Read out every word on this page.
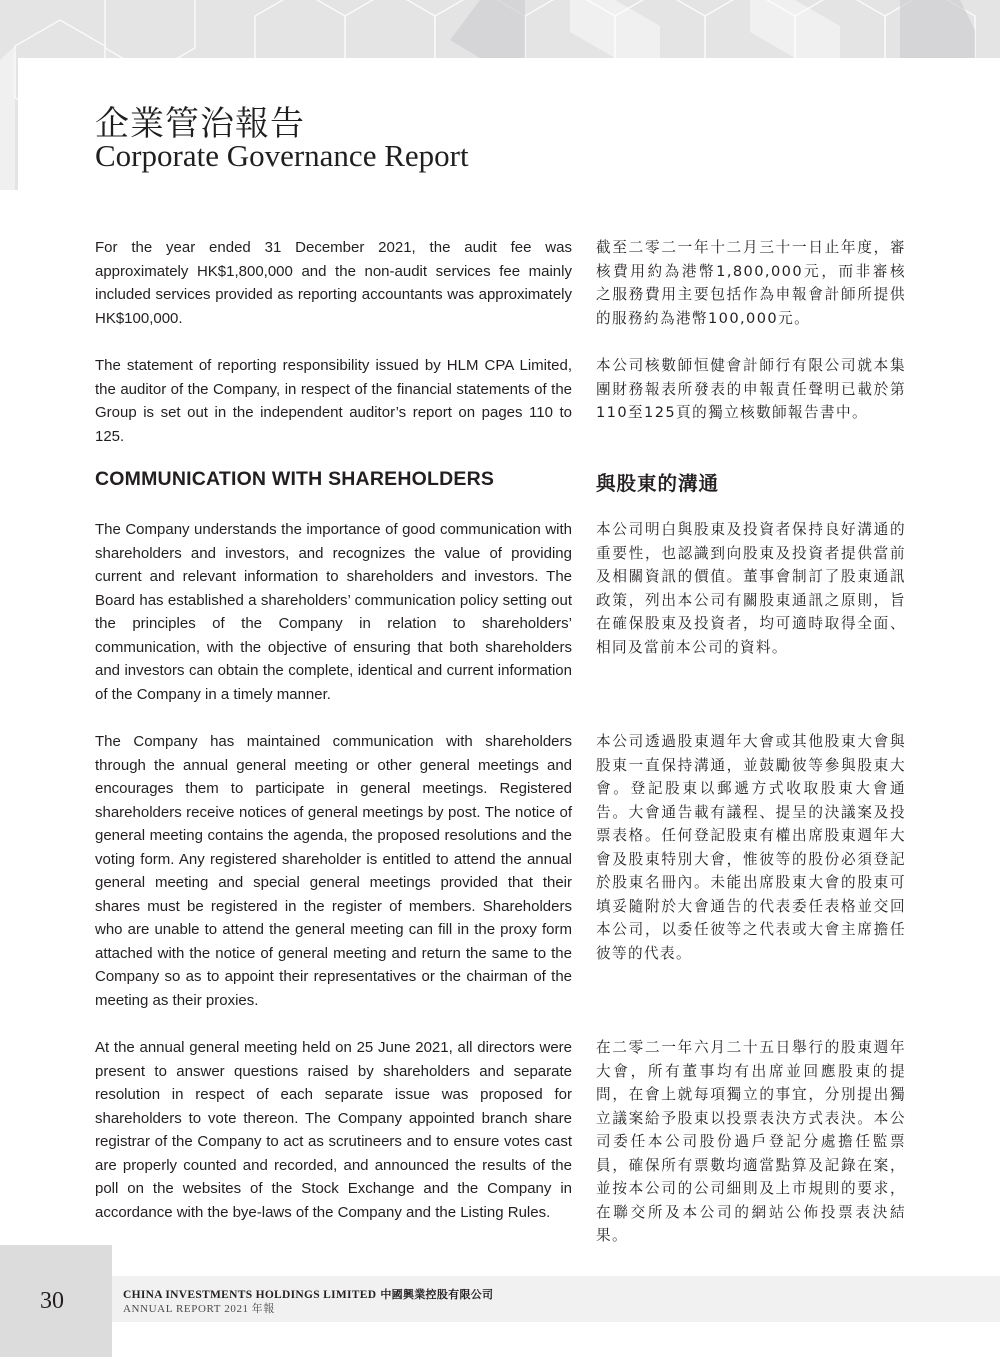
企業管治報告
Corporate Governance Report

For the year ended 31 December 2021, the audit fee was approximately HK$1,800,000 and the non-audit services fee mainly included services provided as reporting accountants was approximately HK$100,000.

截至二零二一年十二月三十一日止年度，審核費用約為港幣1,800,000元，而非審核之服務費用主要包括作為申報會計師所提供的服務約為港幣100,000元。

The statement of reporting responsibility issued by HLM CPA Limited, the auditor of the Company, in respect of the financial statements of the Group is set out in the independent auditor’s report on pages 110 to 125.

本公司核數師恒健會計師行有限公司就本集團財務報表所發表的申報責任聲明已載於第110至125頁的獨立核數師報告書中。

COMMUNICATION WITH SHAREHOLDERS	與股東的溝通

The Company understands the importance of good communication with shareholders and investors, and recognizes the value of providing current and relevant information to shareholders and investors. The Board has established a shareholders’ communication policy setting out the principles of the Company in relation to shareholders’ communication, with the objective of ensuring that both shareholders and investors can obtain the complete, identical and current information of the Company in a timely manner.

本公司明白與股東及投資者保持良好溝通的重要性，也認識到向股東及投資者提供當前及相關資訊的價值。董事會制訂了股東通訊政策，列出本公司有關股東通訊之原則，旨在確保股東及投資者，均可適時取得全面、相同及當前本公司的資料。

The Company has maintained communication with shareholders through the annual general meeting or other general meetings and encourages them to participate in general meetings. Registered shareholders receive notices of general meetings by post. The notice of general meeting contains the agenda, the proposed resolutions and the voting form. Any registered shareholder is entitled to attend the annual general meeting and special general meetings provided that their shares must be registered in the register of members. Shareholders who are unable to attend the general meeting can fill in the proxy form attached with the notice of general meeting and return the same to the Company so as to appoint their representatives or the chairman of the meeting as their proxies.

本公司透過股東週年大會或其他股東大會與股東一直保持溝通，並鼓勵彼等參與股東大會。登記股東以郵遞方式收取股東大會通告。大會通告載有議程、提呈的決議案及投票表格。任何登記股東有權出席股東週年大會及股東特別大會，惟彼等的股份必須登記於股東名冊內。未能出席股東大會的股東可填妥隨附於大會通告的代表委任表格並交回本公司，以委任彼等之代表或大會主席擔任彼等的代表。

At the annual general meeting held on 25 June 2021, all directors were present to answer questions raised by shareholders and separate resolution in respect of each separate issue was proposed for shareholders to vote thereon. The Company appointed branch share registrar of the Company to act as scrutineers and to ensure votes cast are properly counted and recorded, and announced the results of the poll on the websites of the Stock Exchange and the Company in accordance with the bye-laws of the Company and the Listing Rules.

在二零二一年六月二十五日舉行的股東週年大會，所有董事均有出席並回應股東的提問，在會上就每項獨立的事宜，分別提出獨立議案給予股東以投票表決方式表決。本公司委任本公司股份過戶登記分處擔任監票員，確保所有票數均適當點算及記錄在案，並按本公司的公司細則及上市規則的要求，在聯交所及本公司的網站公佈投票表決結果。

30	CHINA INVESTMENTS HOLDINGS LIMITED 中國興業控股有限公司

ANNUAL REPORT 2021 年報
